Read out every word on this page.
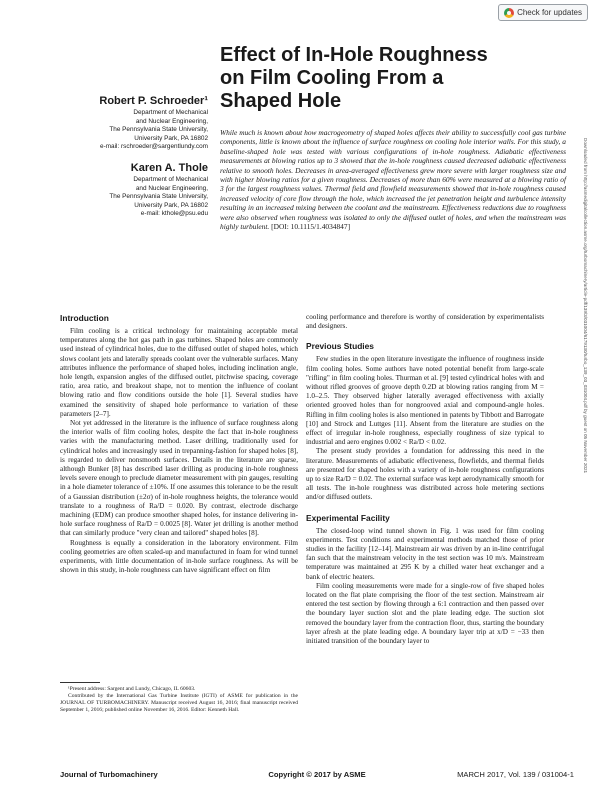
Check for updates
Effect of In-Hole Roughness on Film Cooling From a Shaped Hole

Robert P. Schroeder¹

Department of Mechanical
and Nuclear Engineering,
The Pennsylvania State University,
University Park, PA 16802
e-mail: rschroeder@sargentlundy.com

Karen A. Thole

Department of Mechanical
and Nuclear Engineering,
The Pennsylvania State University,
University Park, PA 16802
e-mail: kthole@psu.edu

While much is known about how macrogeometry of shaped holes affects their ability to successfully cool gas turbine components, little is known about the influence of surface roughness on cooling hole interior walls. For this study, a baseline-shaped hole was tested with various configurations of in-hole roughness. Adiabatic effectiveness measurements at blowing ratios up to 3 showed that the in-hole roughness caused decreased adiabatic effectiveness relative to smooth holes. Decreases in area-averaged effectiveness grew more severe with larger roughness size and with higher blowing ratios for a given roughness. Decreases of more than 60% were measured at a blowing ratio of 3 for the largest roughness values. Thermal field and flowfield measurements showed that in-hole roughness caused increased velocity of core flow through the hole, which increased the jet penetration height and turbulence intensity resulting in an increased mixing between the coolant and the mainstream. Effectiveness reductions due to roughness were also observed when roughness was isolated to only the diffused outlet of holes, and when the mainstream was highly turbulent. [DOI: 10.1115/1.4034847]	Downloaded from http://asmedigitalcollection.asme.org/turbomachinery/article-pdf/139/3/031004/6179130/turbo_139_03_031004.pdf by guest on 05 November 2021
Introduction

Film cooling is a critical technology for maintaining acceptable metal temperatures along the hot gas path in gas turbines. Shaped holes are commonly used instead of cylindrical holes, due to the diffused outlet of shaped holes, which slows coolant jets and laterally spreads coolant over the vulnerable surfaces. Many attributes influence the performance of shaped holes, including inclination angle, hole length, expansion angles of the diffused outlet, pitchwise spacing, coverage ratio, area ratio, and breakout shape, not to mention the influence of coolant blowing ratio and flow conditions outside the hole [1]. Several studies have examined the sensitivity of shaped hole performance to variation of these parameters [2–7].

Not yet addressed in the literature is the influence of surface roughness along the interior walls of film cooling holes, despite the fact that in-hole roughness varies with the manufacturing method. Laser drilling, traditionally used for cylindrical holes and increasingly used in trepanning-fashion for shaped holes [8], is regarded to deliver nonsmooth surfaces. Details in the literature are sparse, although Bunker [8] has described laser drilling as producing in-hole roughness levels severe enough to preclude diameter measurement with pin gauges, resulting in a hole diameter tolerance of ±10%. If one assumes this tolerance to be the result of a Gaussian distribution (±2σ) of in-hole roughness heights, the tolerance would translate to a roughness of Ra/D = 0.020. By contrast, electrode discharge machining (EDM) can produce smoother shaped holes, for instance delivering in-hole surface roughness of Ra/D = 0.0025 [8]. Water jet drilling is another method that can similarly produce "very clean and tailored" shaped holes [8].

Roughness is equally a consideration in the laboratory environment. Film cooling geometries are often scaled-up and manufactured in foam for wind tunnel experiments, with little documentation of in-hole surface roughness. As will be shown in this study, in-hole roughness can have significant effect on film

cooling performance and therefore is worthy of consideration by experimentalists and designers.

Previous Studies

Few studies in the open literature investigate the influence of roughness inside film cooling holes. Some authors have noted potential benefit from large-scale "rifling" in film cooling holes. Thurman et al. [9] tested cylindrical holes with and without rifled grooves of groove depth 0.2D at blowing ratios ranging from M = 1.0–2.5. They observed higher laterally averaged effectiveness with axially oriented grooved holes than for nongrooved axial and compound-angle holes. Rifling in film cooling holes is also mentioned in patents by Tibbott and Barrogate [10] and Strock and Luttges [11]. Absent from the literature are studies on the effect of irregular in-hole roughness, especially roughness of size typical to industrial and aero engines 0.002 < Ra/D < 0.02.

The present study provides a foundation for addressing this need in the literature. Measurements of adiabatic effectiveness, flowfields, and thermal fields are presented for shaped holes with a variety of in-hole roughness configurations up to size Ra/D = 0.02. The external surface was kept aerodynamically smooth for all tests. The in-hole roughness was distributed across hole metering sections and/or diffused outlets.

Experimental Facility

The closed-loop wind tunnel shown in Fig. 1 was used for film cooling experiments. Test conditions and experimental methods matched those of prior studies in the facility [12–14]. Mainstream air was driven by an in-line centrifugal fan such that the mainstream velocity in the test section was 10 m/s. Mainstream temperature was maintained at 295 K by a chilled water heat exchanger and a bank of electric heaters.

Film cooling measurements were made for a single-row of five shaped holes located on the flat plate comprising the floor of the test section. Mainstream air entered the test section by flowing through a 6:1 contraction and then passed over the boundary layer suction slot and the plate leading edge. The suction slot removed the boundary layer from the contraction floor, thus, starting the boundary layer afresh at the plate leading edge. A boundary layer trip at x/D = −33 then initiated transition of the boundary layer to

¹Present address: Sargent and Lundy, Chicago, IL 60603.

Contributed by the International Gas Turbine Institute (IGTI) of ASME for publication in the JOURNAL OF TURBOMACHINERY. Manuscript received August 16, 2016; final manuscript received September 1, 2016; published online November 16, 2016. Editor: Kenneth Hall.

Journal of Turbomachinery	Copyright © 2017 by ASME	MARCH 2017, Vol. 139 / 031004-1
